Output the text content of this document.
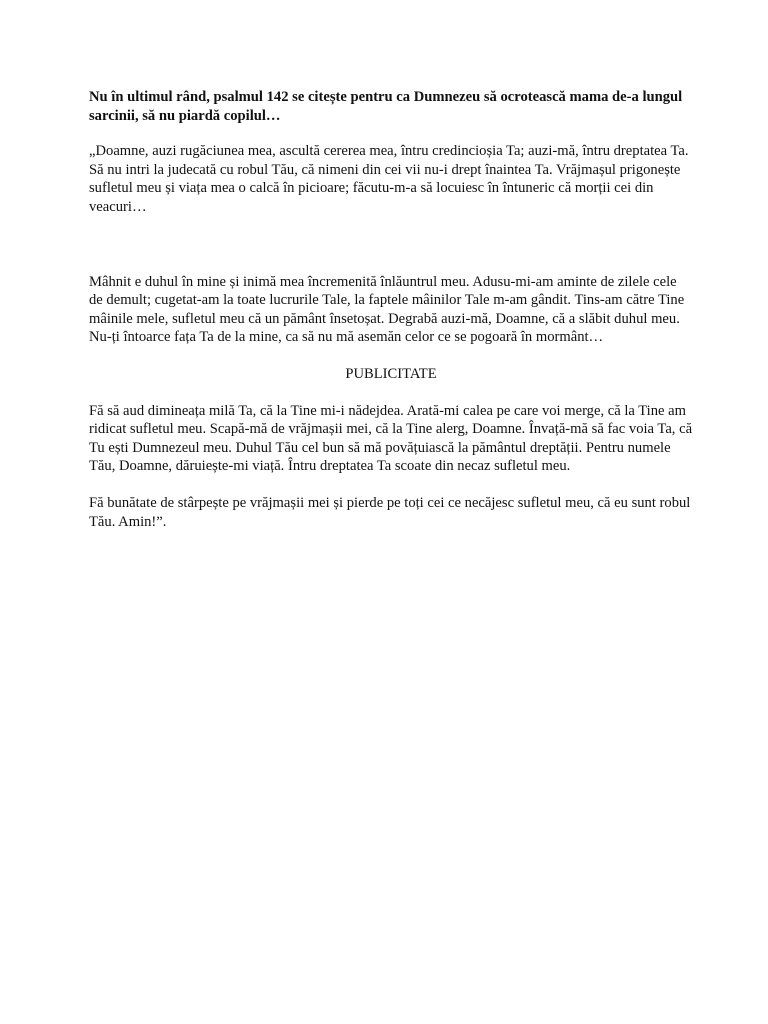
Nu în ultimul rând, psalmul 142 se citește pentru ca Dumnezeu să ocrotească mama de-a lungul sarcinii, să nu piardă copilul…

„Doamne, auzi rugăciunea mea, ascultă cererea mea, întru credincioșia Ta; auzi-mă, întru dreptatea Ta. Să nu intri la judecată cu robul Tău, că nimeni din cei vii nu-i drept înaintea Ta. Vrăjmașul prigonește sufletul meu și viața mea o calcă în picioare; făcutu-m-a să locuiesc în întuneric că morții cei din veacuri…

Mâhnit e duhul în mine și inimă mea încremenită înlăuntrul meu. Adusu-mi-am aminte de zilele cele de demult; cugetat-am la toate lucrurile Tale, la faptele mâinilor Tale m-am gândit. Tins-am către Tine mâinile mele, sufletul meu că un pământ însetoșat. Degrabă auzi-mă, Doamne, că a slăbit duhul meu. Nu-ți întoarce fața Ta de la mine, ca să nu mă asemăn celor ce se pogoară în mormânt…

PUBLICITATE

Fă să aud dimineața milă Ta, că la Tine mi-i nădejdea. Arată-mi calea pe care voi merge, că la Tine am ridicat sufletul meu. Scapă-mă de vrăjmașii mei, că la Tine alerg, Doamne. Învață-mă să fac voia Ta, că Tu ești Dumnezeul meu. Duhul Tău cel bun să mă povățuiască la pământul dreptății. Pentru numele Tău, Doamne, dăruiește-mi viață. Întru dreptatea Ta scoate din necaz sufletul meu.

Fă bunătate de stârpește pe vrăjmașii mei și pierde pe toți cei ce necăjesc sufletul meu, că eu sunt robul Tău. Amin!”.
